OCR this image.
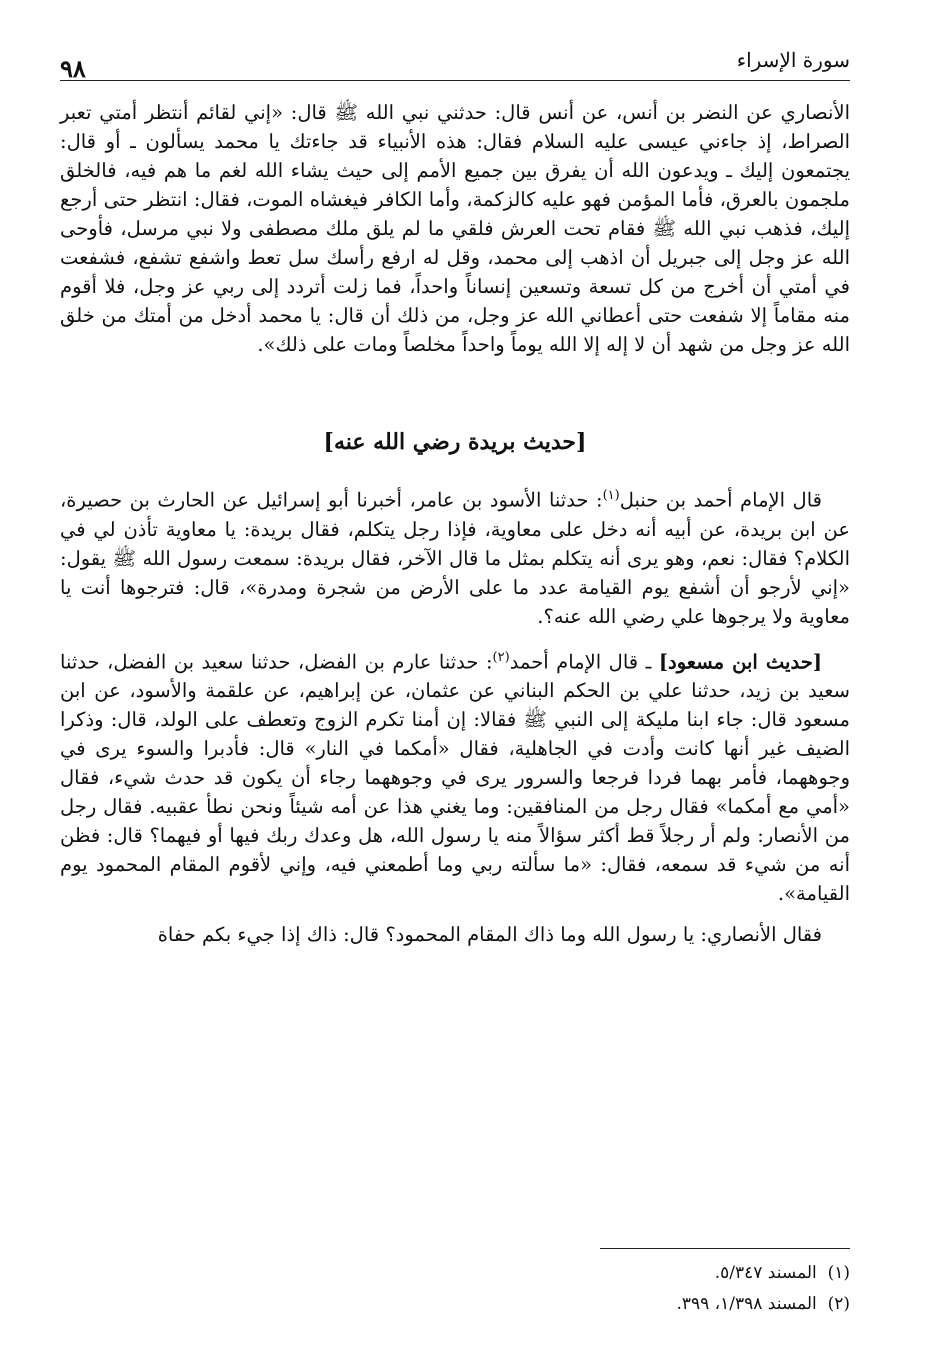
سورة الإسراء
٩٨

الأنصاري عن النضر بن أنس، عن أنس قال: حدثني نبي الله ﷺ قال: «إني لقائم أنتظر أمتي تعبر الصراط، إذ جاءني عيسى عليه السلام فقال: هذه الأنبياء قد جاءتك يا محمد يسألون ـ أو قال: يجتمعون إليك ـ ويدعون الله أن يفرق بين جميع الأمم إلى حيث يشاء الله لغم ما هم فيه، فالخلق ملجمون بالعرق، فأما المؤمن فهو عليه كالزكمة، وأما الكافر فيغشاه الموت، فقال: انتظر حتى أرجع إليك، فذهب نبي الله ﷺ فقام تحت العرش فلقي ما لم يلق ملك مصطفى ولا نبي مرسل، فأوحى الله عز وجل إلى جبريل أن اذهب إلى محمد، وقل له ارفع رأسك سل تعط واشفع تشفع، فشفعت في أمتي أن أخرج من كل تسعة وتسعين إنساناً واحداً، فما زلت أتردد إلى ربي عز وجل، فلا أقوم منه مقاماً إلا شفعت حتى أعطاني الله عز وجل، من ذلك أن قال: يا محمد أدخل من أمتك من خلق الله عز وجل من شهد أن لا إله إلا الله يوماً واحداً مخلصاً ومات على ذلك».

[حديث بريدة رضي الله عنه]

قال الإمام أحمد بن حنبل$^{(١)}$: حدثنا الأسود بن عامر، أخبرنا أبو إسرائيل عن الحارث بن حصيرة، عن ابن بريدة، عن أبيه أنه دخل على معاوية، فإذا رجل يتكلم، فقال بريدة: يا معاوية تأذن لي في الكلام؟ فقال: نعم، وهو يرى أنه يتكلم بمثل ما قال الآخر، فقال بريدة: سمعت رسول الله ﷺ يقول: «إني لأرجو أن أشفع يوم القيامة عدد ما على الأرض من شجرة ومدرة»، قال: فترجوها أنت يا معاوية ولا يرجوها علي رضي الله عنه؟.

[حديث ابن مسعود] ـ قال الإمام أحمد$^{(٢)}$: حدثنا عارم بن الفضل، حدثنا سعيد بن الفضل، حدثنا سعيد بن زيد، حدثنا علي بن الحكم البناني عن عثمان، عن إبراهيم، عن علقمة والأسود، عن ابن مسعود قال: جاء ابنا مليكة إلى النبي ﷺ فقالا: إن أمنا تكرم الزوج وتعطف على الولد، قال: وذكرا الضيف غير أنها كانت وأدت في الجاهلية، فقال «أمكما في النار» قال: فأدبرا والسوء يرى في وجوههما، فأمر بهما فردا فرجعا والسرور يرى في وجوههما رجاء أن يكون قد حدث شيء، فقال «أمي مع أمكما» فقال رجل من المنافقين: وما يغني هذا عن أمه شيئاً ونحن نطأ عقبيه. فقال رجل من الأنصار: ولم أر رجلاً قط أكثر سؤالاً منه يا رسول الله، هل وعدك ربك فيها أو فيهما؟ قال: فظن أنه من شيء قد سمعه، فقال: «ما سألته ربي وما أطمعني فيه، وإني لأقوم المقام المحمود يوم القيامة».

فقال الأنصاري: يا رسول الله وما ذاك المقام المحمود؟ قال: ذاك إذا جيء بكم حفاة

(١)  المسند ٥/٣٤٧.
(٢)  المسند ١/٣٩٨، ٣٩٩.
